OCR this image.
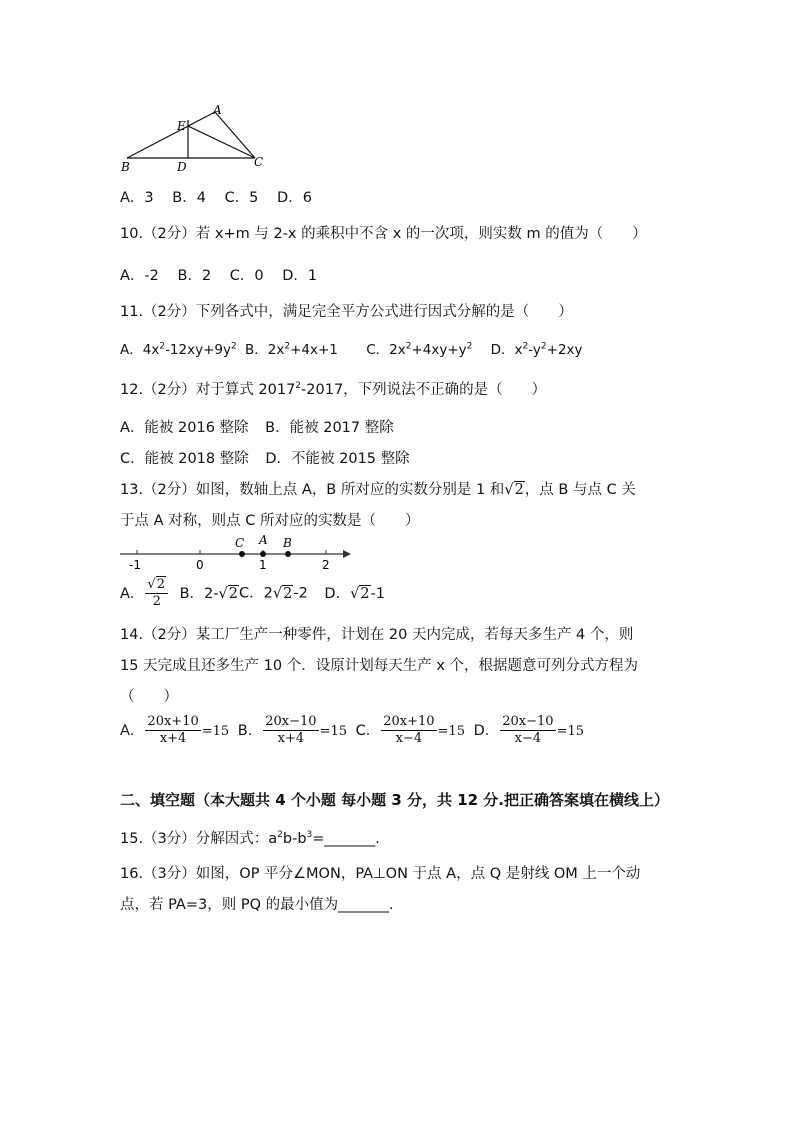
A
E
B	D	C
A．3 B．4 C．5 D．6
10.（2分）若 x+m 与 2-x 的乘积中不含 x 的一次项，则实数 m 的值为（　　）
A．-2 B．2 C．0 D．1
11.（2分）下列各式中，满足完全平方公式进行因式分解的是（　　）
A．$4x^2-12xy+9y^2$ B．$2x^2+4x+1$ C．$2x^2+4xy+y^2$ D．$x^2-y^2+2xy$
12.（2分）对于算式 2017$^2$-2017，下列说法不正确的是（　　）
A．能被 2016 整除 B．能被 2017 整除
C．能被 2018 整除 D．不能被 2015 整除
13.（2分）如图，数轴上点 A，B 所对应的实数分别是 1 和√2，点 B 与点 C 关
于点 A 对称，则点 C 所对应的实数是（　　）
C A B
-1	0	1	2
A． $\frac{√2}{2}$ B．2-√2C．2√2-2 D．√2-1
14.（2分）某工厂生产一种零件，计划在 20 天内完成，若每天多生产 4 个，则
15 天完成且还多生产 10 个．设原计划每天生产 x 个，根据题意可列分式方程为
（　　）
A． $\frac{20x+10}{x+4} =15$ B． $\frac{20x-10}{x+4} =15$ C． $\frac{20x+10}{x-4} =15$ D． $\frac{20x-10}{x-4} =15$
二、填空题（本大题共 4 个小题 每小题 3 分，共 12 分.把正确答案填在横线上）
15.（3分）分解因式：$a^2b-b^3=\_\_\_\_\_\_\_$.
16.（3分）如图，OP 平分∠MON，PA⊥ON 于点 A，点 Q 是射线 OM 上一个动
点，若 PA=3，则 PQ 的最小值为_______.
